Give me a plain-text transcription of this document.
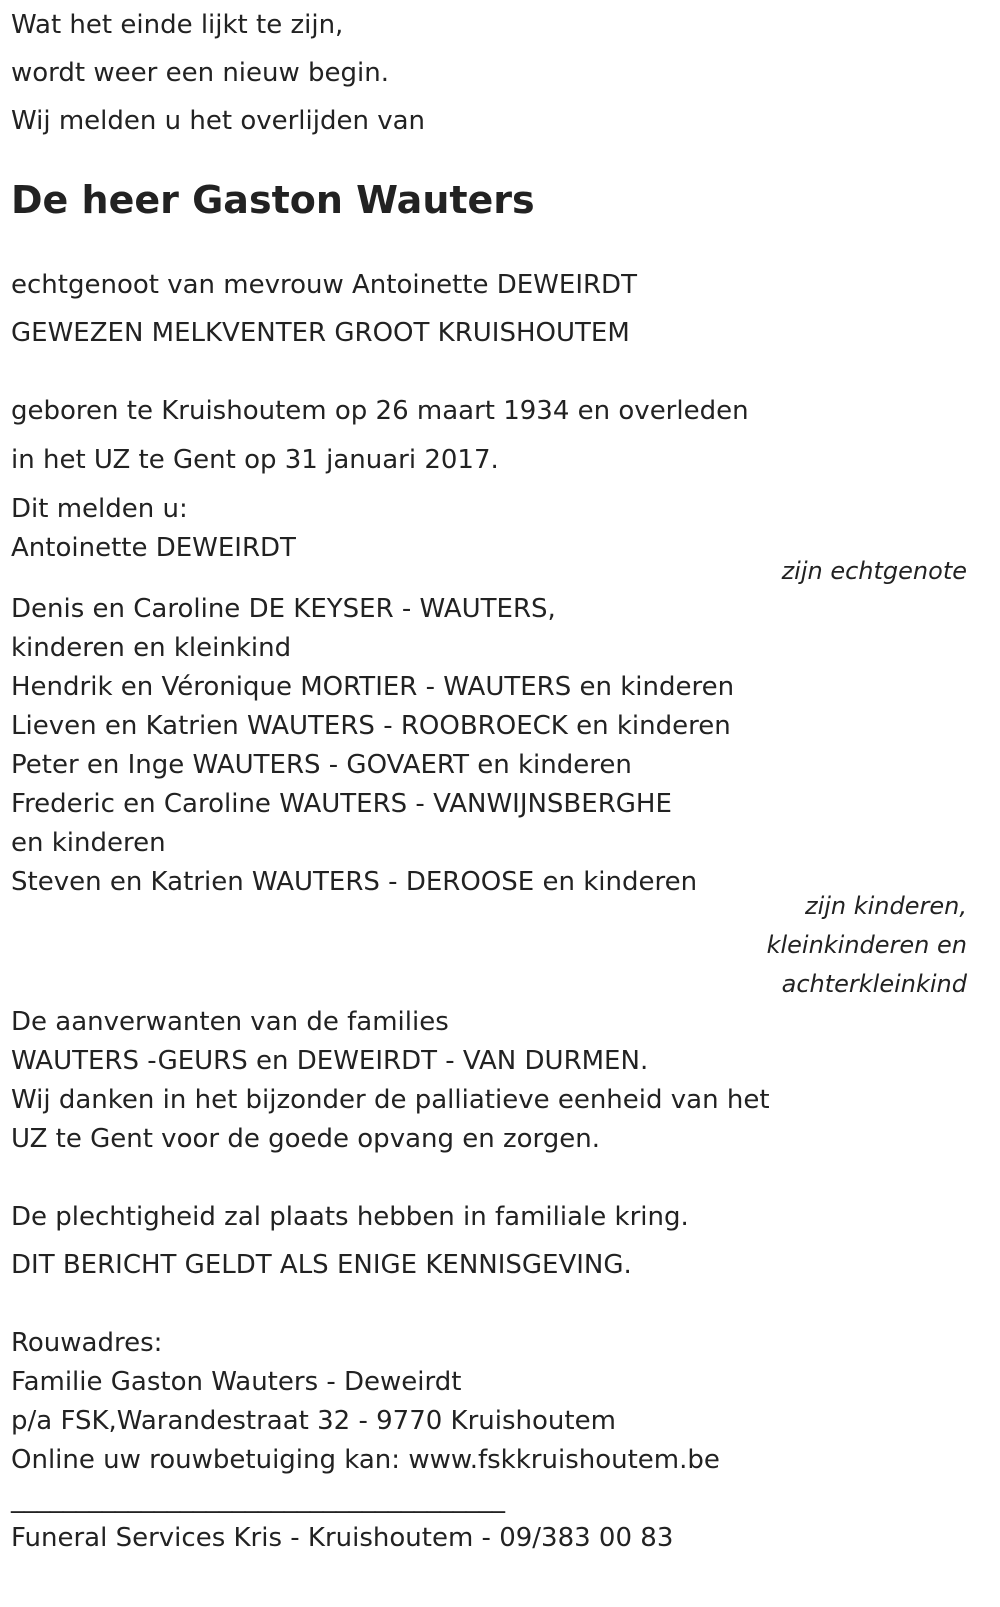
Wat het einde lijkt te zijn,
wordt weer een nieuw begin.
Wij melden u het overlijden van
De heer Gaston Wauters
echtgenoot van mevrouw Antoinette DEWEIRDT
GEWEZEN MELKVENTER GROOT KRUISHOUTEM
geboren te Kruishoutem op 26 maart 1934 en overleden
in het UZ te Gent op 31 januari 2017.
Dit melden u:
Antoinette DEWEIRDT
zijn echtgenote
Denis en Caroline DE KEYSER - WAUTERS,
kinderen en kleinkind
Hendrik en Véronique MORTIER - WAUTERS en kinderen
Lieven en Katrien WAUTERS - ROOBROECK en kinderen
Peter en Inge WAUTERS - GOVAERT en kinderen
Frederic en Caroline WAUTERS - VANWIJNSBERGHE
en kinderen
Steven en Katrien WAUTERS - DEROOSE en kinderen
zijn kinderen,
kleinkinderen en
achterkleinkind
De aanverwanten van de families
WAUTERS -GEURS en DEWEIRDT - VAN DURMEN.
Wij danken in het bijzonder de palliatieve eenheid van het
UZ te Gent voor de goede opvang en zorgen.
De plechtigheid zal plaats hebben in familiale kring.
DIT BERICHT GELDT ALS ENIGE KENNISGEVING.
Rouwadres:
Familie Gaston Wauters - Deweirdt
p/a FSK,Warandestraat 32 - 9770 Kruishoutem
Online uw rouwbetuiging kan: www.fskkruishoutem.be
______________________________________
Funeral Services Kris - Kruishoutem - 09/383 00 83
